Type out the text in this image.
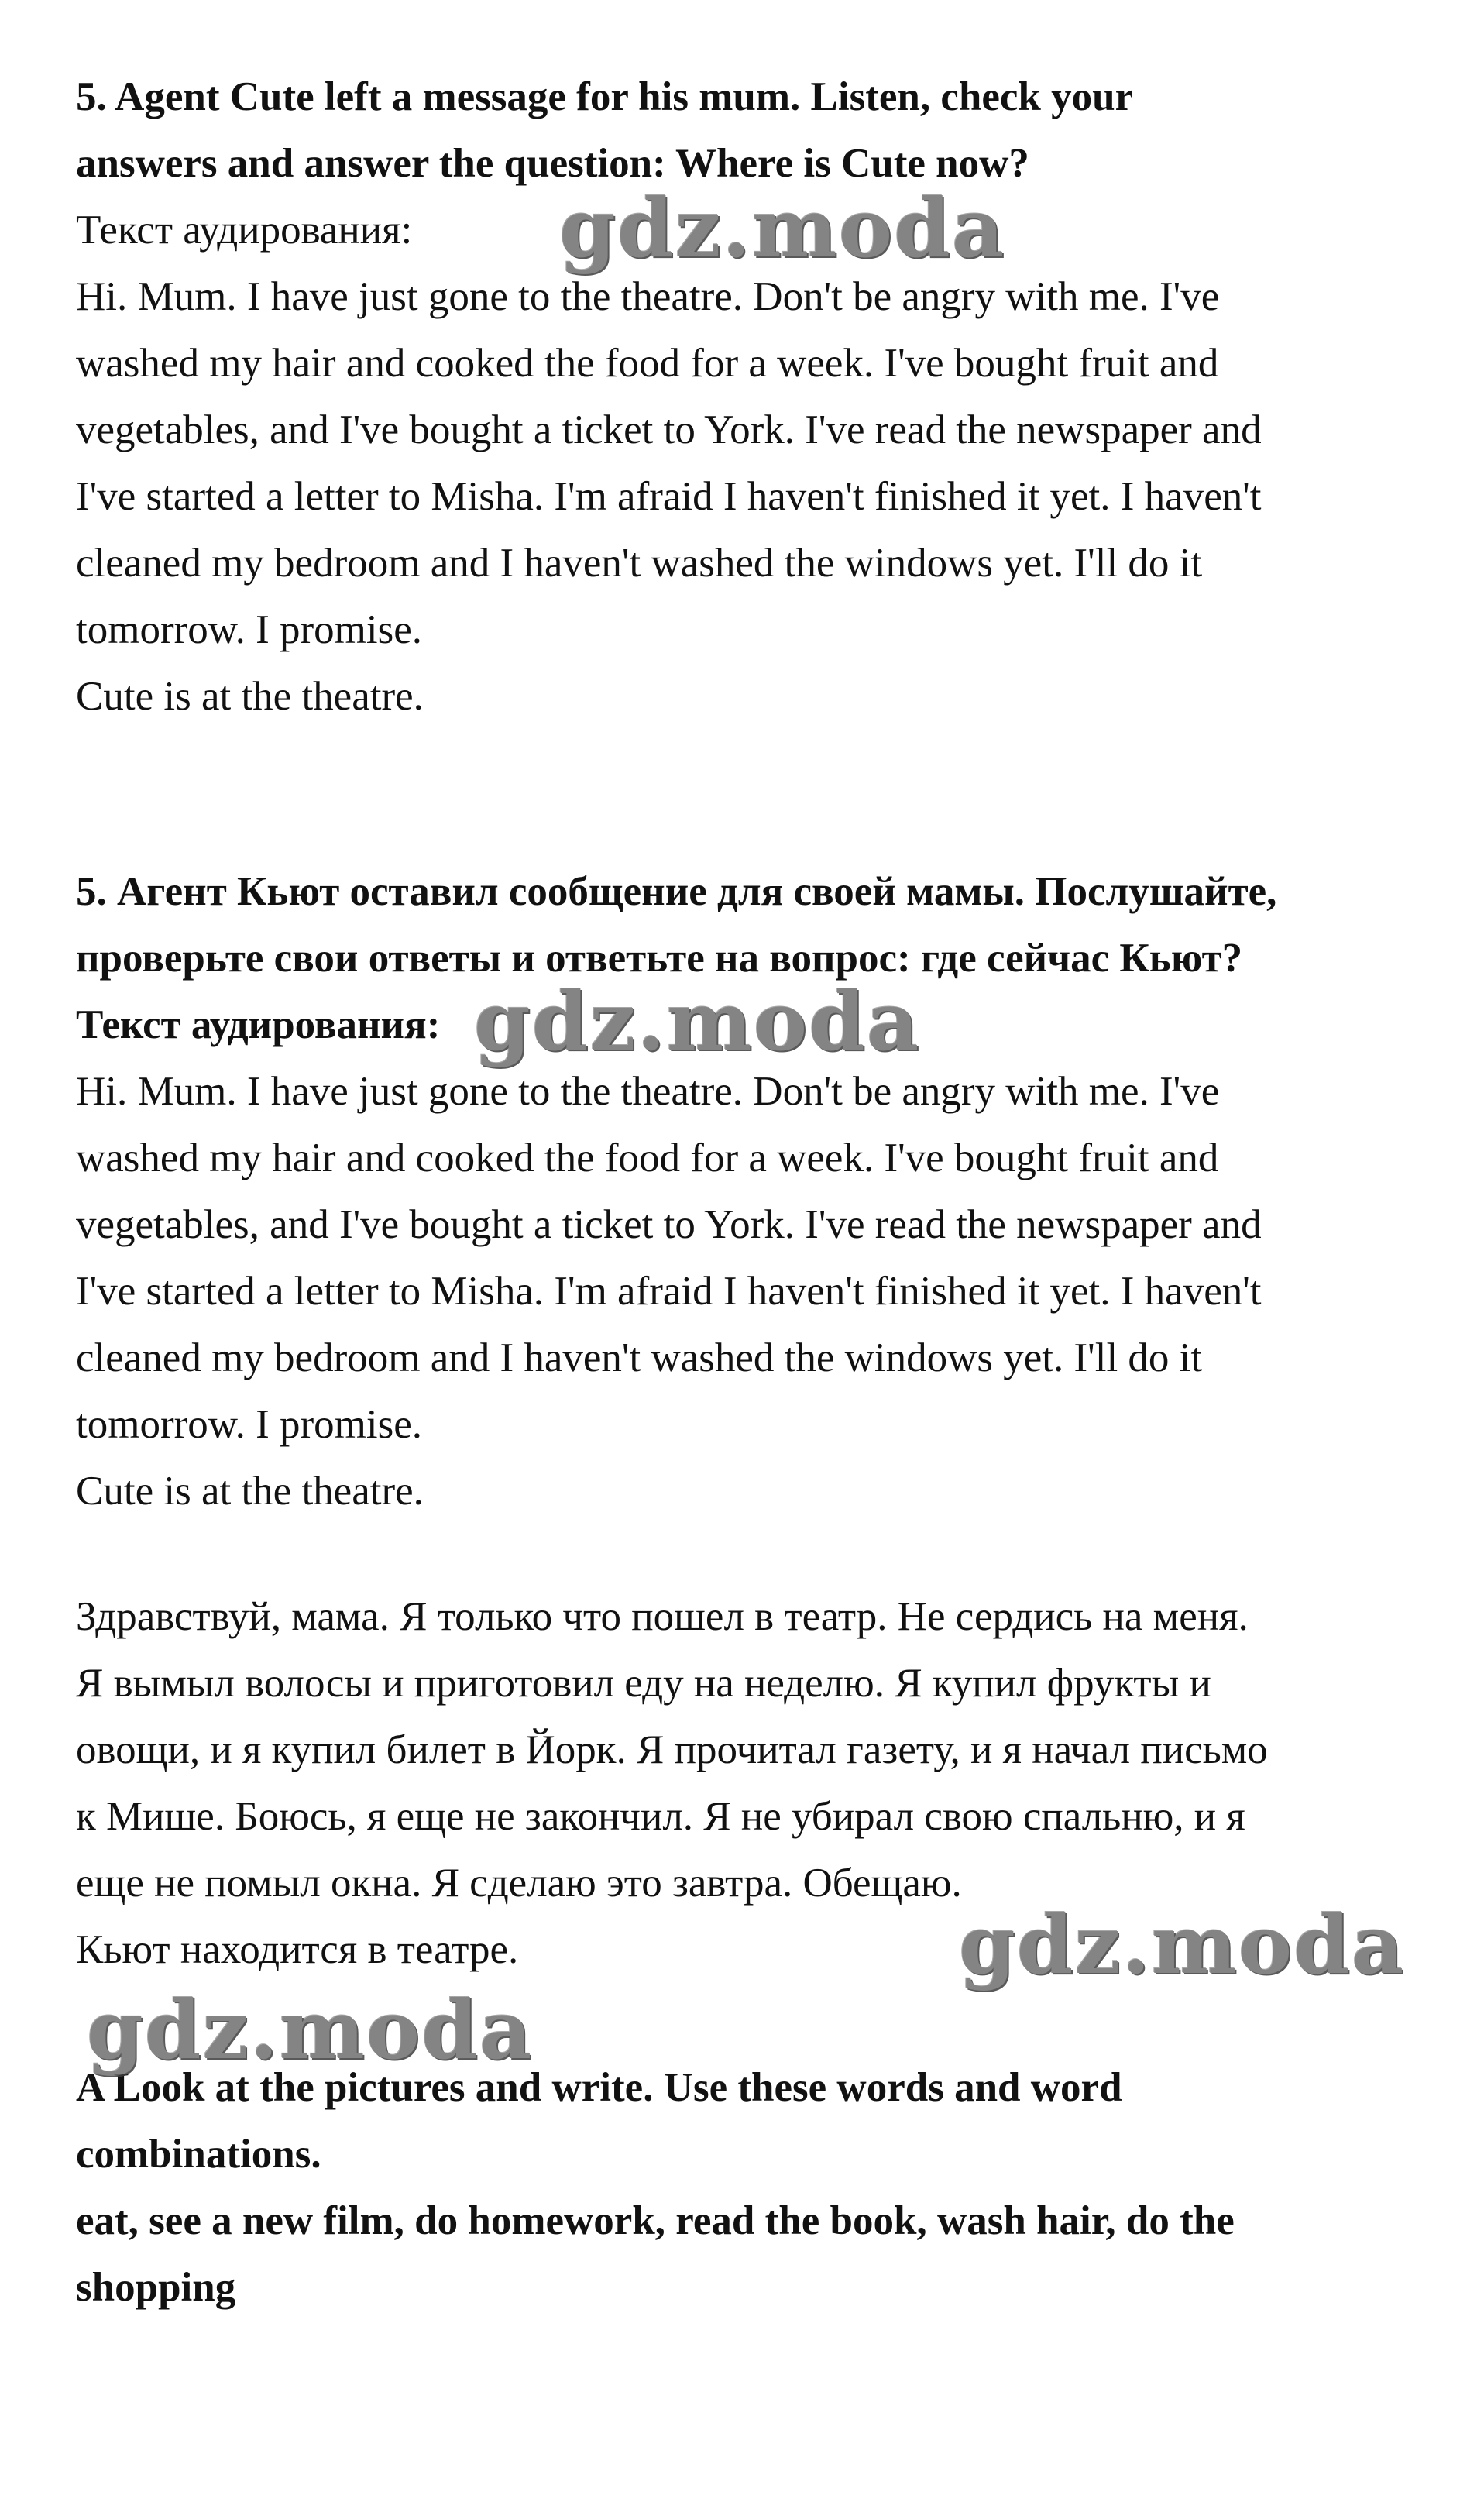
5. Agent Cute left a message for his mum. Listen, check your

answers and answer the question: Where is Cute now?

Текст аудирования:

Hi. Mum. I have just gone to the theatre. Don't be angry with me. I've

washed my hair and cooked the food for a week. I've bought fruit and

vegetables, and I've bought a ticket to York. I've read the newspaper and

I've started a letter to Misha. I'm afraid I haven't finished it yet. I haven't

cleaned my bedroom and I haven't washed the windows yet. I'll do it

tomorrow. I promise.

Cute is at the theatre.

5. Агент Кьют оставил сообщение для своей мамы. Послушайте,

проверьте свои ответы и ответьте на вопрос: где сейчас Кьют?

Текст аудирования:

Hi. Mum. I have just gone to the theatre. Don't be angry with me. I've

washed my hair and cooked the food for a week. I've bought fruit and

vegetables, and I've bought a ticket to York. I've read the newspaper and

I've started a letter to Misha. I'm afraid I haven't finished it yet. I haven't

cleaned my bedroom and I haven't washed the windows yet. I'll do it

tomorrow. I promise.

Cute is at the theatre.

Здравствуй, мама. Я только что пошел в театр. Не сердись на меня.

Я вымыл волосы и приготовил еду на неделю. Я купил фрукты и

овощи, и я купил билет в Йорк. Я прочитал газету, и я начал письмо

к Мише. Боюсь, я еще не закончил. Я не убирал свою спальню, и я

еще не помыл окна. Я сделаю это завтра. Обещаю.

Кьют находится в театре.

A Look at the pictures and write. Use these words and word

combinations.

eat, see a new film, do homework, read the book, wash hair, do the

shopping

gdz.moda
gdz.moda
gdz.moda
gdz.moda
